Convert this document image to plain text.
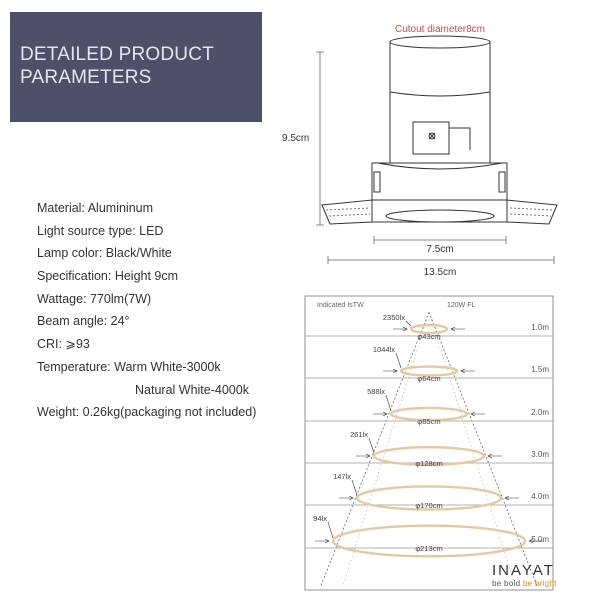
DETAILED PRODUCT
PARAMETERS
Material: Alumininum
Light source type: LED
Lamp color: Black/White
Specification: Height 9cm
Wattage: 770lm(7W)
Beam angle: 24°
CRI: ⩾93
Temperature: Warm White-3000k
Natural White-4000k
Weight: 0.26kg(packaging not included)
Cutout diameter8cm
9.5cm
7.5cm
13.5cm
Indicated IsTW	120W FL
1.0m
2350lx
φ43cm
1.5m
1044lx
φ64cm
2.0m
588lx
φ85cm
3.0m
261lx
φ128cm
4.0m
147lx
φ170cm
5.0m
94lx
φ213cm
INAYAT
be bold be bright
